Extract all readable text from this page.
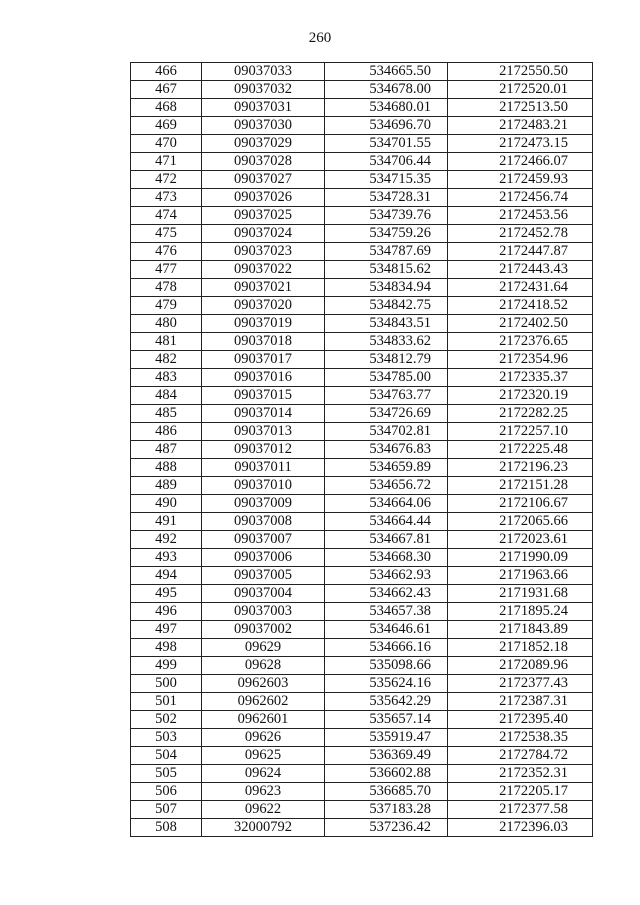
260
466	09037033	534665.50	2172550.50
467	09037032	534678.00	2172520.01
468	09037031	534680.01	2172513.50
469	09037030	534696.70	2172483.21
470	09037029	534701.55	2172473.15
471	09037028	534706.44	2172466.07
472	09037027	534715.35	2172459.93
473	09037026	534728.31	2172456.74
474	09037025	534739.76	2172453.56
475	09037024	534759.26	2172452.78
476	09037023	534787.69	2172447.87
477	09037022	534815.62	2172443.43
478	09037021	534834.94	2172431.64
479	09037020	534842.75	2172418.52
480	09037019	534843.51	2172402.50
481	09037018	534833.62	2172376.65
482	09037017	534812.79	2172354.96
483	09037016	534785.00	2172335.37
484	09037015	534763.77	2172320.19
485	09037014	534726.69	2172282.25
486	09037013	534702.81	2172257.10
487	09037012	534676.83	2172225.48
488	09037011	534659.89	2172196.23
489	09037010	534656.72	2172151.28
490	09037009	534664.06	2172106.67
491	09037008	534664.44	2172065.66
492	09037007	534667.81	2172023.61
493	09037006	534668.30	2171990.09
494	09037005	534662.93	2171963.66
495	09037004	534662.43	2171931.68
496	09037003	534657.38	2171895.24
497	09037002	534646.61	2171843.89
498	09629	534666.16	2171852.18
499	09628	535098.66	2172089.96
500	0962603	535624.16	2172377.43
501	0962602	535642.29	2172387.31
502	0962601	535657.14	2172395.40
503	09626	535919.47	2172538.35
504	09625	536369.49	2172784.72
505	09624	536602.88	2172352.31
506	09623	536685.70	2172205.17
507	09622	537183.28	2172377.58
508	32000792	537236.42	2172396.03
